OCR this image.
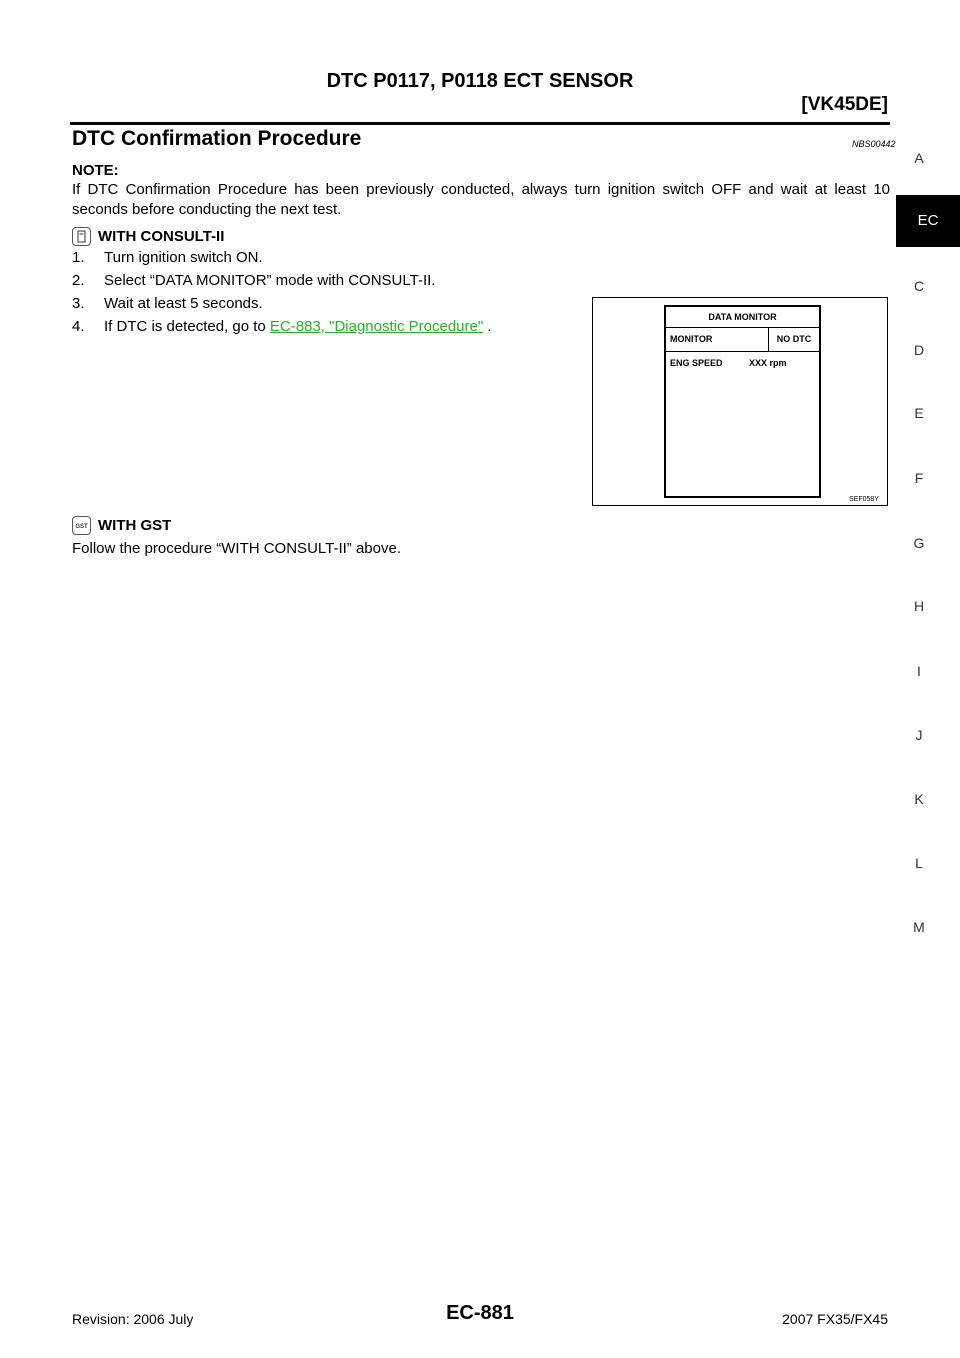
DTC P0117, P0118 ECT SENSOR
[VK45DE]
DTC Confirmation Procedure	NBS00442
NOTE:
If DTC Confirmation Procedure has been previously conducted, always turn ignition switch OFF and wait at least 10 seconds before conducting the next test.
WITH CONSULT-II
1. Turn ignition switch ON.
2. Select “DATA MONITOR” mode with CONSULT-II.
3. Wait at least 5 seconds.
4. If DTC is detected, go to EC-883, "Diagnostic Procedure" .
DATA MONITOR
MONITOR	NO DTC
ENG SPEED	XXX rpm
SEF058Y
GST WITH GST
Follow the procedure “WITH CONSULT-II” above.
A
EC
C
D
E
F
G
H
I
J
K
L
M
Revision: 2006 July	EC-881	2007 FX35/FX45
